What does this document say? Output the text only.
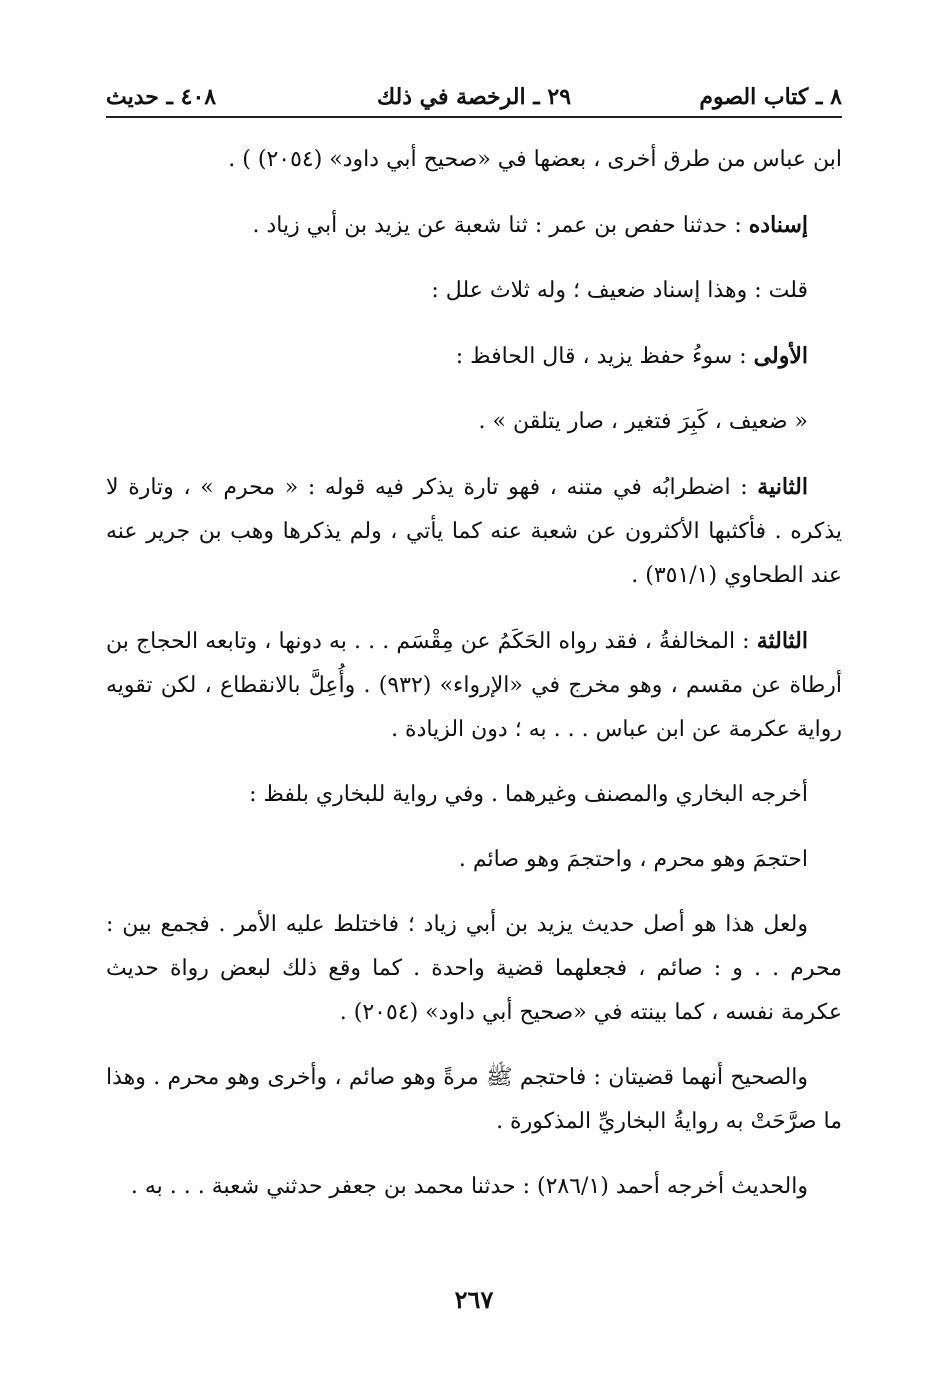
٨ ـ كتاب الصوم
٢٩ ـ الرخصة في ذلك
٤٠٨ ـ حديث

ابن عباس من طرق أخرى ، بعضها في «صحيح أبي داود» (٢٠٥٤) ) .

إسناده : حدثنا حفص بن عمر : ثنا شعبة عن يزيد بن أبي زياد .

قلت : وهذا إسناد ضعيف ؛ وله ثلاث علل :

الأولى : سوءُ حفظ يزيد ، قال الحافظ :

« ضعيف ، كَبِرَ فتغير ، صار يتلقن » .

الثانية : اضطرابُه في متنه ، فهو تارة يذكر فيه قوله : « محرم » ، وتارة لا يذكره . فأكثبها الأكثرون عن شعبة عنه كما يأتي ، ولم يذكرها وهب بن جرير عنه عند الطحاوي (٣٥١/١) .

الثالثة : المخالفةُ ، فقد رواه الحَكَمُ عن مِقْسَم . . . به دونها ، وتابعه الحجاج بن أرطاة عن مقسم ، وهو مخرج في «الإرواء» (٩٣٢) . وأُعِلَّ بالانقطاع ، لكن تقويه رواية عكرمة عن ابن عباس . . . به ؛ دون الزيادة .

أخرجه البخاري والمصنف وغيرهما . وفي رواية للبخاري بلفظ :

احتجمَ وهو محرم ، واحتجمَ وهو صائم .

ولعل هذا هو أصل حديث يزيد بن أبي زياد ؛ فاختلط عليه الأمر . فجمع بين : محرم . . و : صائم ، فجعلهما قضية واحدة . كما وقع ذلك لبعض رواة حديث عكرمة نفسه ، كما بينته في «صحيح أبي داود» (٢٠٥٤) .

والصحيح أنهما قضيتان : فاحتجم ﷺ مرةً وهو صائم ، وأخرى وهو محرم . وهذا ما صرَّحَتْ به روايةُ البخاريِّ المذكورة .

والحديث أخرجه أحمد (٢٨٦/١) : حدثنا محمد بن جعفر حدثني شعبة . . . به .

٢٦٧
